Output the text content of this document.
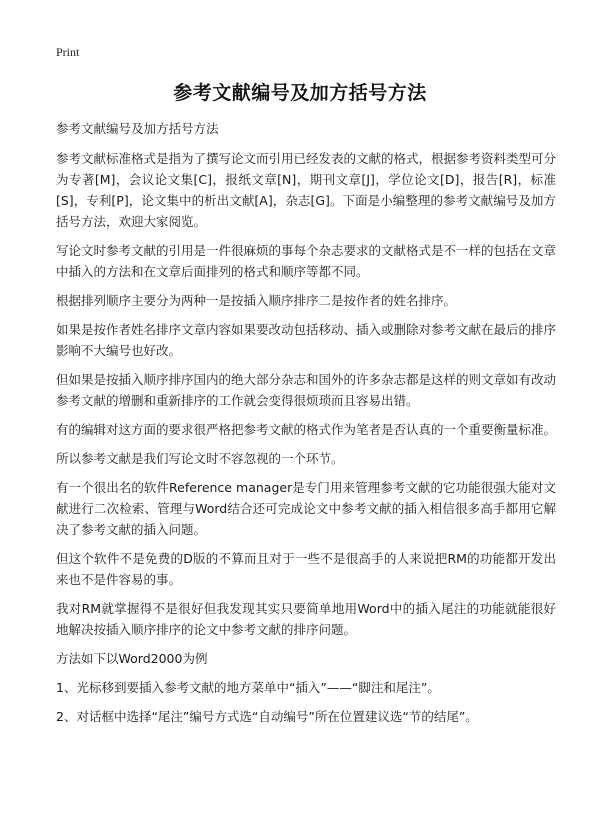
Print
参考文献编号及加方括号方法

参考文献编号及加方括号方法

参考文献标准格式是指为了撰写论文而引用已经发表的文献的格式，根据参考资料类型可分为专著[M]，会议论文集[C]，报纸文章[N]，期刊文章[J]，学位论文[D]，报告[R]，标准[S]，专利[P]，论文集中的析出文献[A]，杂志[G]。下面是小编整理的参考文献编号及加方括号方法，欢迎大家阅览。

写论文时参考文献的引用是一件很麻烦的事每个杂志要求的文献格式是不一样的包括在文章中插入的方法和在文章后面排列的格式和顺序等都不同。

根据排列顺序主要分为两种一是按插入顺序排序二是按作者的姓名排序。

如果是按作者姓名排序文章内容如果要改动包括移动、插入或删除对参考文献在最后的排序影响不大编号也好改。

但如果是按插入顺序排序国内的绝大部分杂志和国外的许多杂志都是这样的则文章如有改动参考文献的增删和重新排序的工作就会变得很烦琐而且容易出错。

有的编辑对这方面的要求很严格把参考文献的格式作为笔者是否认真的一个重要衡量标准。

所以参考文献是我们写论文时不容忽视的一个环节。

有一个很出名的软件Reference manager是专门用来管理参考文献的它功能很强大能对文献进行二次检索、管理与Word结合还可完成论文中参考文献的插入相信很多高手都用它解决了参考文献的插入问题。

但这个软件不是免费的D版的不算而且对于一些不是很高手的人来说把RM的功能都开发出来也不是件容易的事。

我对RM就掌握得不是很好但我发现其实只要简单地用Word中的插入尾注的功能就能很好地解决按插入顺序排序的论文中参考文献的排序问题。

方法如下以Word2000为例

1、光标移到要插入参考文献的地方菜单中“插入”——“脚注和尾注”。

2、对话框中选择“尾注”编号方式选“自动编号”所在位置建议选“节的结尾”。
